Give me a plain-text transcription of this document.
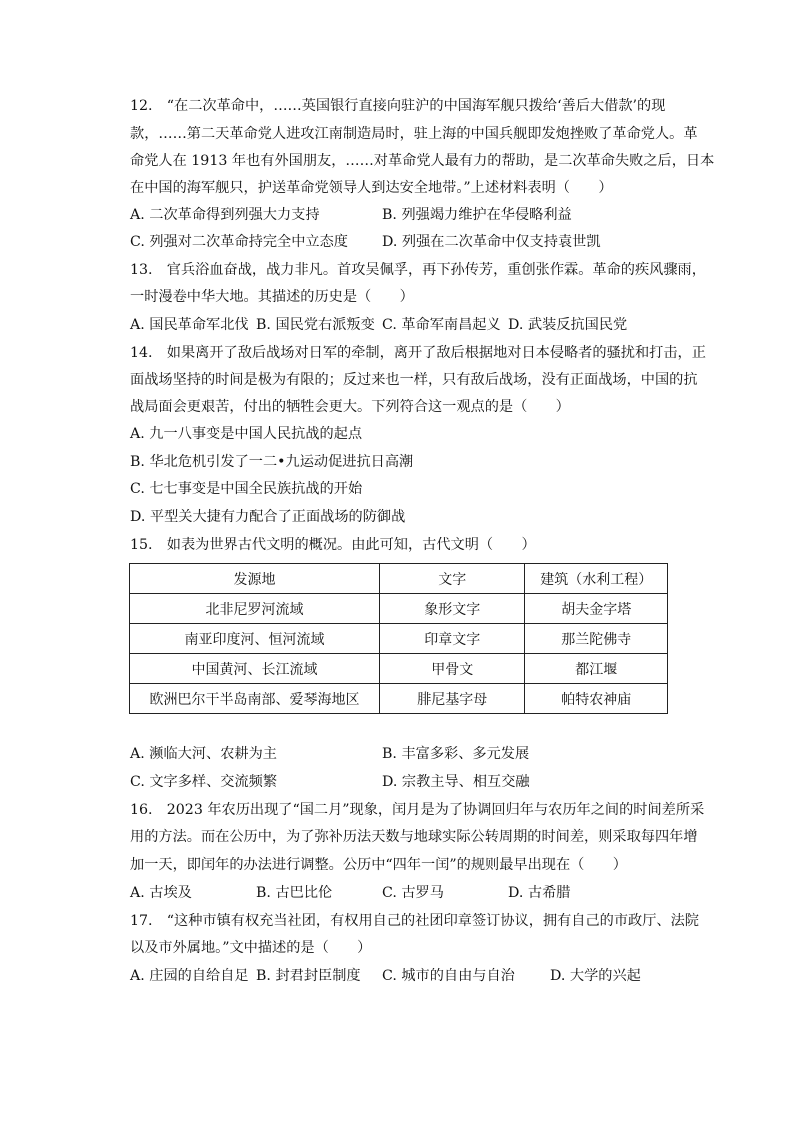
12.　“在二次革命中，……英国银行直接向驻沪的中国海军舰只拨给‘善后大借款’的现
款，……第二天革命党人进攻江南制造局时，驻上海的中国兵舰即发炮挫败了革命党人。革
命党人在 1913 年也有外国朋友，……对革命党人最有力的帮助，是二次革命失败之后，日本
在中国的海军舰只，护送革命党领导人到达安全地带。”上述材料表明（　　）
A. 二次革命得到列强大力支持	B. 列强竭力维护在华侵略利益
C. 列强对二次革命持完全中立态度 D. 列强在二次革命中仅支持袁世凯
13.　官兵浴血奋战，战力非凡。首攻吴佩孚，再下孙传芳，重创张作霖。革命的疾风骤雨，
一时漫卷中华大地。其描述的历史是（　　）
A. 国民革命军北伐 B. 国民党右派叛变 C. 革命军南昌起义 D. 武装反抗国民党
14.　如果离开了敌后战场对日军的牵制，离开了敌后根据地对日本侵略者的骚扰和打击，正
面战场坚持的时间是极为有限的；反过来也一样，只有敌后战场，没有正面战场，中国的抗
战局面会更艰苦，付出的牺牲会更大。下列符合这一观点的是（　　）
A. 九一八事变是中国人民抗战的起点
B. 华北危机引发了一二•九运动促进抗日高潮
C. 七七事变是中国全民族抗战的开始
D. 平型关大捷有力配合了正面战场的防御战
15.　如表为世界古代文明的概况。由此可知，古代文明（　　）
发源地	文字	建筑（水利工程）
北非尼罗河流域	象形文字	胡夫金字塔
南亚印度河、恒河流域	印章文字	那兰陀佛寺
中国黄河、长江流域	甲骨文	都江堰
欧洲巴尔干半岛南部、爱琴海地区	腓尼基字母	帕特农神庙
A. 濒临大河、农耕为主	B. 丰富多彩、多元发展
C. 文字多样、交流频繁	D. 宗教主导、相互交融
16.　2023 年农历出现了“国二月”现象，闰月是为了协调回归年与农历年之间的时间差所采
用的方法。而在公历中，为了弥补历法天数与地球实际公转周期的时间差，则采取每四年增
加一天，即闰年的办法进行调整。公历中“四年一闰”的规则最早出现在（　　）
A. 古埃及	B. 古巴比伦	C. 古罗马	D. 古希腊
17.　“这种市镇有权充当社团，有权用自己的社团印章签订协议，拥有自己的市政厅、法院
以及市外属地。”文中描述的是（　　）
A. 庄园的自给自足 B. 封君封臣制度 C. 城市的自由与自治 D. 大学的兴起
